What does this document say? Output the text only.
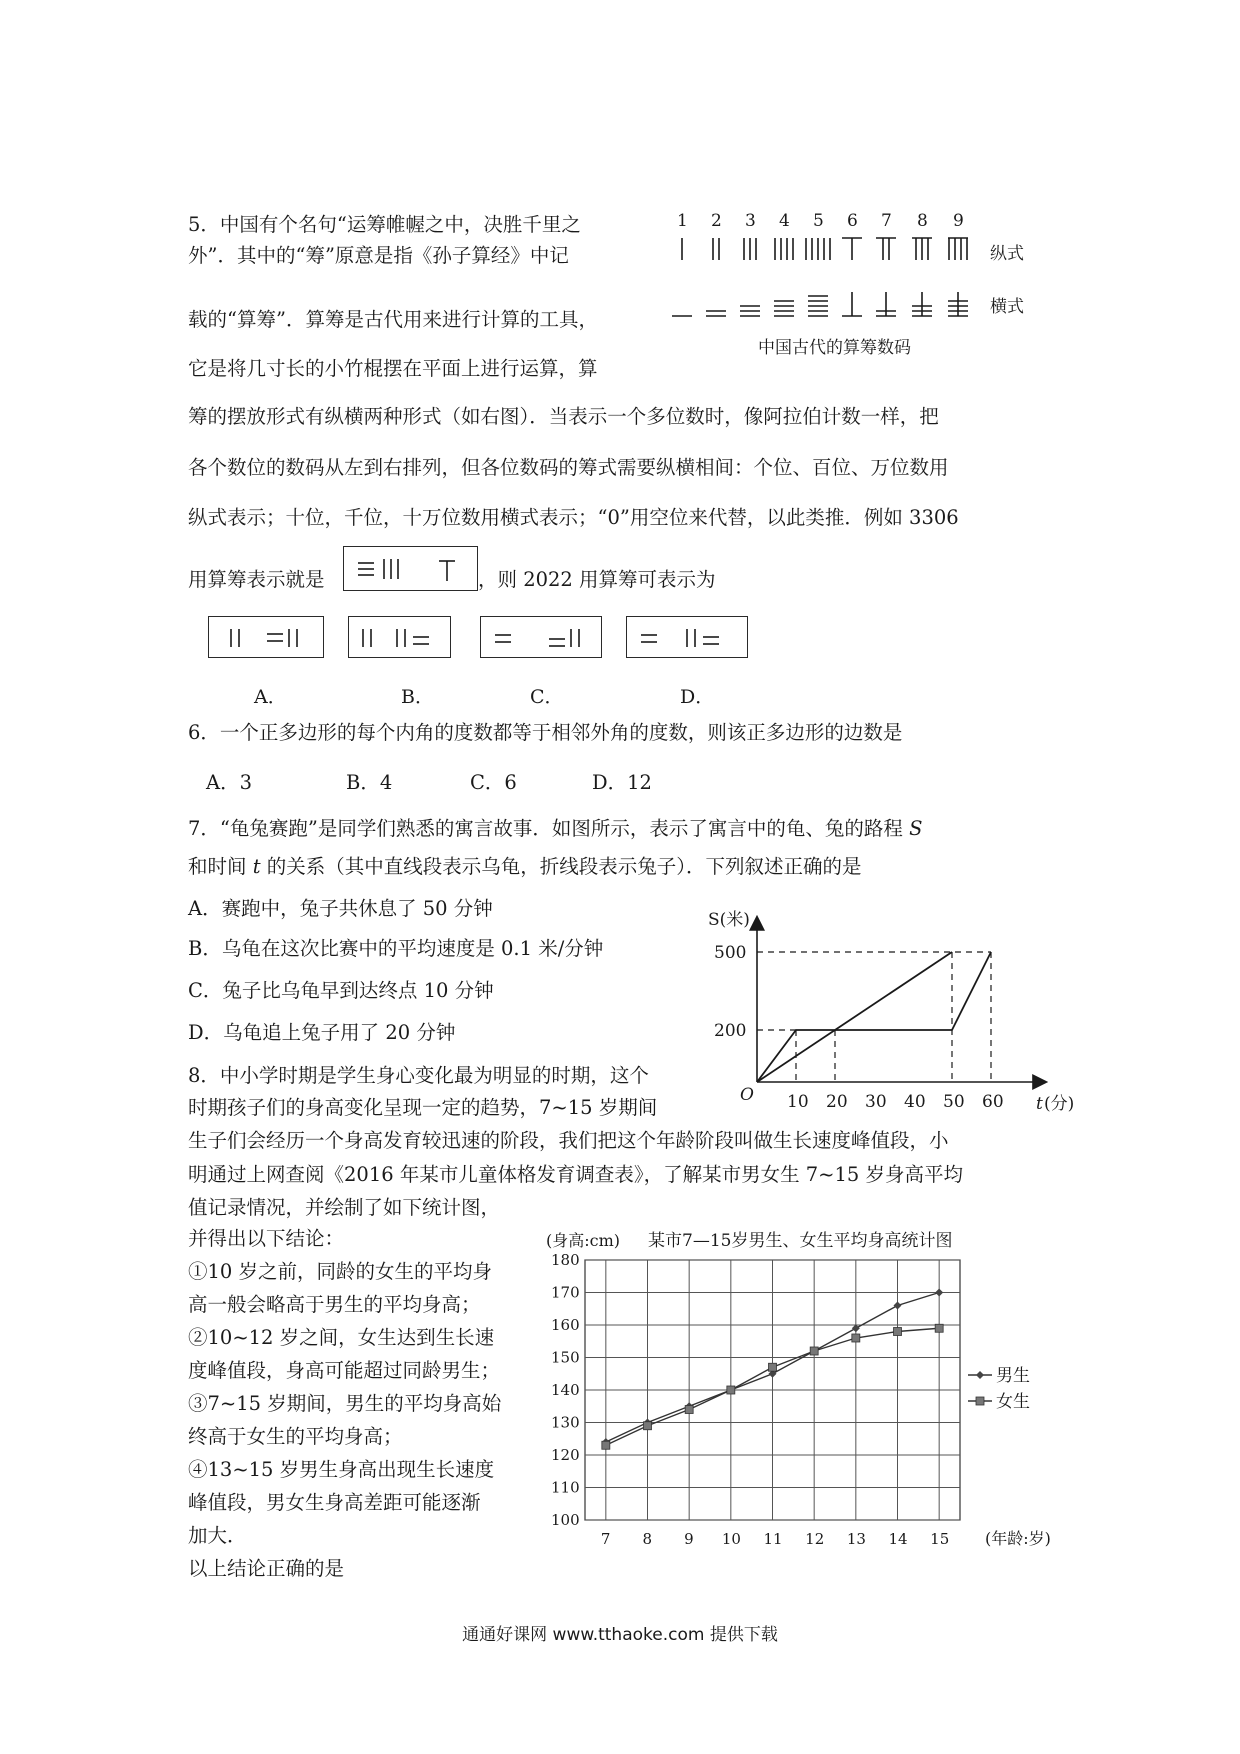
5．中国有个名句“运筹帷幄之中，决胜千里之
外”．其中的“筹”原意是指《孙子算经》中记
载的“算筹”．算筹是古代用来进行计算的工具，
它是将几寸长的小竹棍摆在平面上进行运算，算
筹的摆放形式有纵横两种形式（如右图）．当表示一个多位数时，像阿拉伯计数一样，把
各个数位的数码从左到右排列，但各位数码的筹式需要纵横相间：个位、百位、万位数用
纵式表示；十位，千位，十万位数用横式表示；“0”用空位来代替，以此类推．例如 3306
1 2 3 4 5 6 7 8 9
纵式
横式
中国古代的算筹数码
用算筹表示就是	，则 2022 用算筹可表示为
A．	B．	C．	D．
6．一个正多边形的每个内角的度数都等于相邻外角的度数，则该正多边形的边数是
A．3	B．4	C．6	D．12
7．“龟兔赛跑”是同学们熟悉的寓言故事．如图所示，表示了寓言中的龟、兔的路程 S
和时间 t 的关系（其中直线段表示乌龟，折线段表示兔子）．下列叙述正确的是
A．赛跑中，兔子共休息了 50 分钟
B．乌龟在这次比赛中的平均速度是 0.1 米/分钟
C．兔子比乌龟早到达终点 10 分钟
D．乌龟追上兔子用了 20 分钟
S(米)
t (分)
O 10 20 30 40 50 60
200
500
8．中小学时期是学生身心变化最为明显的时期，这个
时期孩子们的身高变化呈现一定的趋势，7~15 岁期间
生子们会经历一个身高发育较迅速的阶段，我们把这个年龄阶段叫做生长速度峰值段，小
明通过上网查阅《2016 年某市儿童体格发育调查表》，了解某市男女生 7~15 岁身高平均
值记录情况，并绘制了如下统计图，
并得出以下结论：
①10 岁之前，同龄的女生的平均身
高一般会略高于男生的平均身高；
②10~12 岁之间，女生达到生长速
度峰值段，身高可能超过同龄男生；
③7~15 岁期间，男生的平均身高始
终高于女生的平均身高；
④13~15 岁男生身高出现生长速度
峰值段，男女生身高差距可能逐渐
加大．
以上结论正确的是
(身高:cm) 某市7—15岁男生、女生平均身高统计图
(年龄:岁)
100
110
120
130
140
150
160
170
180
7 8 9 10 11 12 13 14 15
男生
女生
通通好课网 www.tthaoke.com 提供下载
